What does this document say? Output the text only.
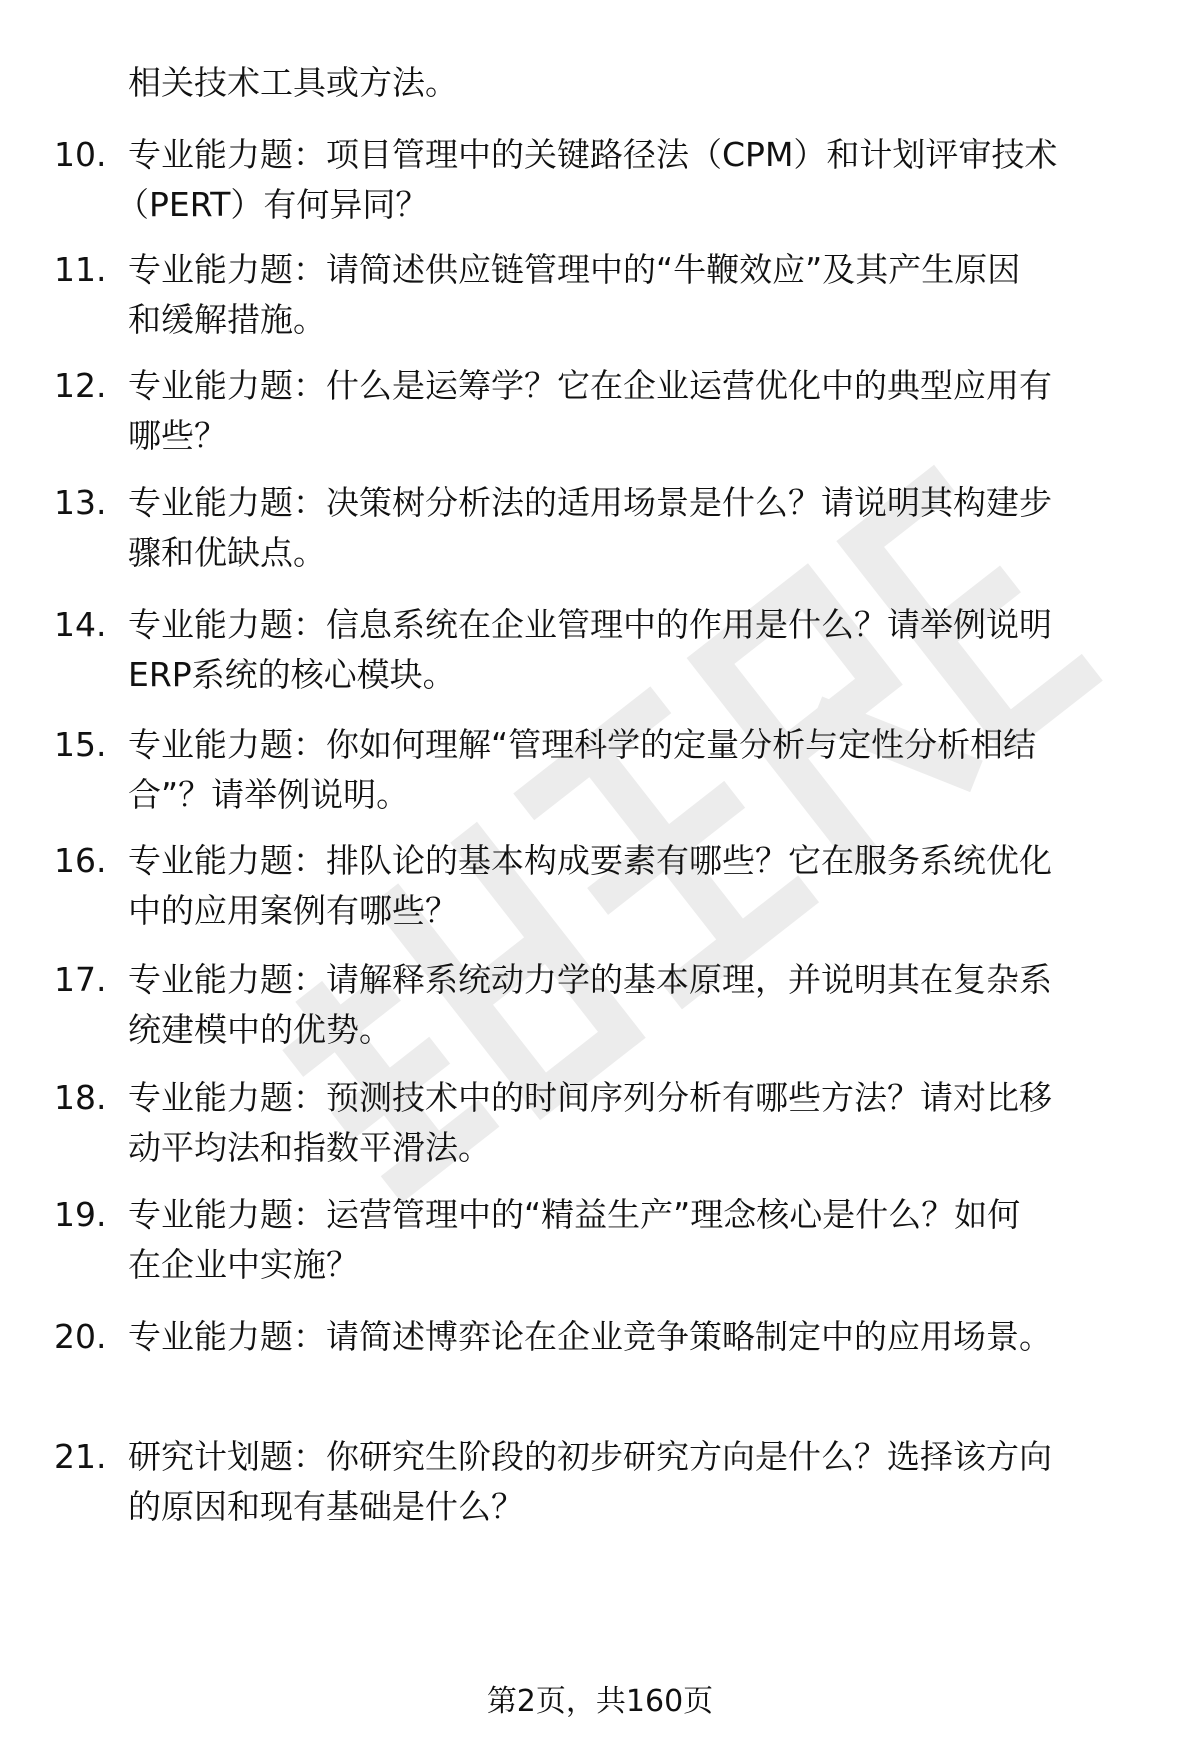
相关技术工具或方法。
10. 专业能力题：项目管理中的关键路径法（CPM）和计划评审技术
（PERT）有何异同？
11. 专业能力题：请简述供应链管理中的“牛鞭效应”及其产生原因
和缓解措施。
12. 专业能力题：什么是运筹学？它在企业运营优化中的典型应用有
哪些？
13. 专业能力题：决策树分析法的适用场景是什么？请说明其构建步
骤和优缺点。
14. 专业能力题：信息系统在企业管理中的作用是什么？请举例说明
ERP系统的核心模块。
15. 专业能力题：你如何理解“管理科学的定量分析与定性分析相结
合”？请举例说明。
16. 专业能力题：排队论的基本构成要素有哪些？它在服务系统优化
中的应用案例有哪些？
17. 专业能力题：请解释系统动力学的基本原理，并说明其在复杂系
统建模中的优势。
18. 专业能力题：预测技术中的时间序列分析有哪些方法？请对比移
动平均法和指数平滑法。
19. 专业能力题：运营管理中的“精益生产”理念核心是什么？如何
在企业中实施？
20. 专业能力题：请简述博弈论在企业竞争策略制定中的应用场景。
21. 研究计划题：你研究生阶段的初步研究方向是什么？选择该方向
的原因和现有基础是什么？
第2页，共160页
